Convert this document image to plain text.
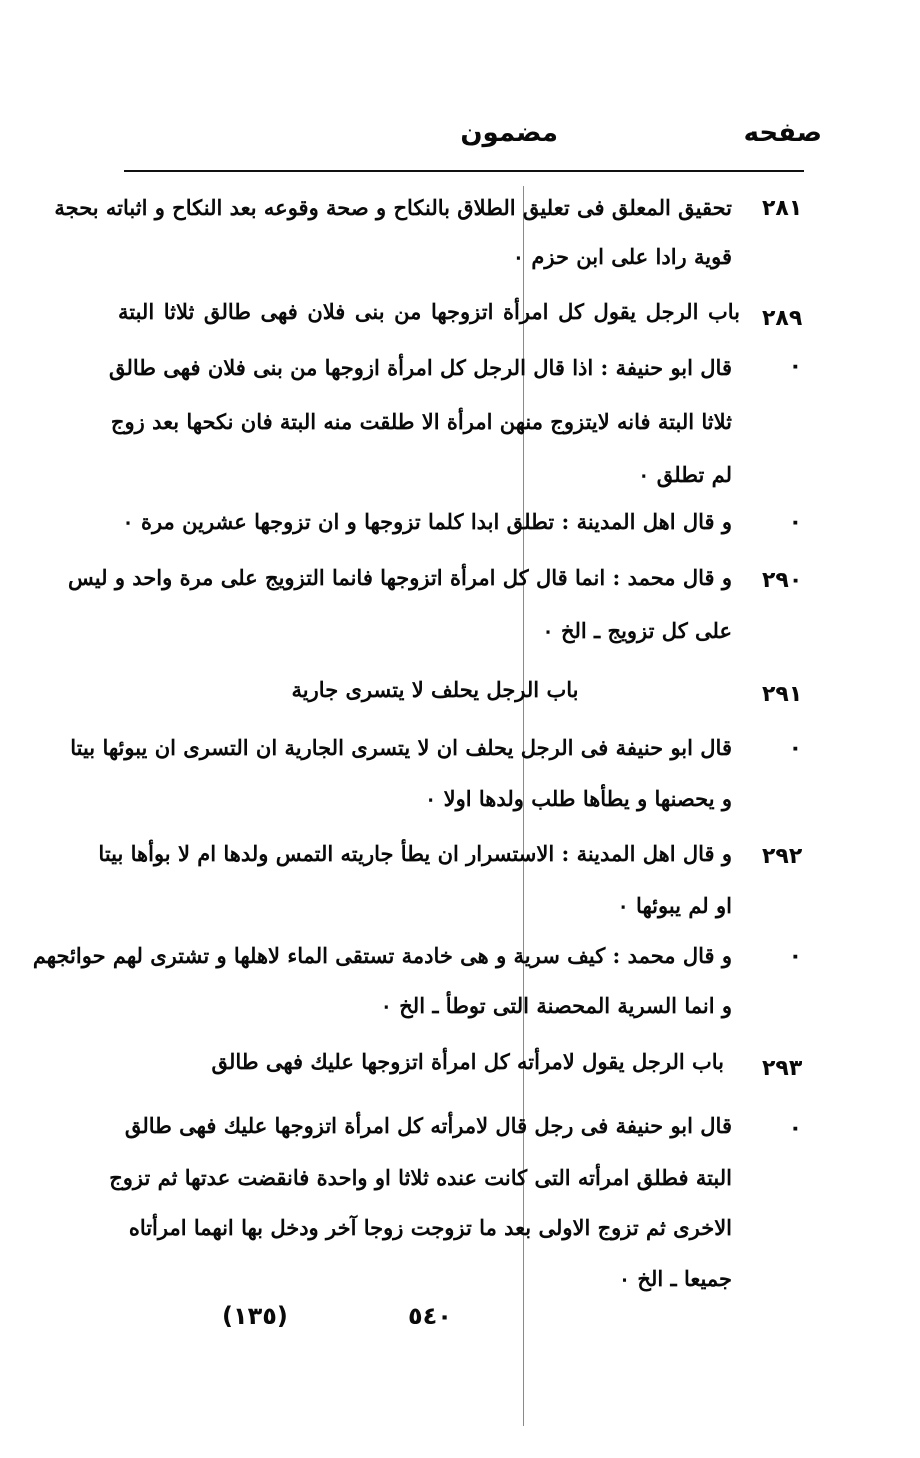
صفحه
مضمون
٢٨١
تحقيق المعلق فى تعليق الطلاق بالنكاح و صحة وقوعه بعد النكاح و اثباته بحجة
قوية رادا على ابن حزم ٠
٢٨٩
باب الرجل يقول كل امرأة اتزوجها من بنى فلان فهى طالق ثلاثا البتة
٠
قال ابو حنيفة : اذا قال الرجل كل امرأة ازوجها من بنى فلان فهى طالق
ثلاثا البتة فانه لايتزوج منهن امرأة الا طلقت منه البتة فان نكحها بعد زوج
لم تطلق ٠
٠
و قال اهل المدينة : تطلق ابدا كلما تزوجها و ان تزوجها عشرين مرة ٠
٢٩٠
و قال محمد : انما قال كل امرأة اتزوجها فانما التزويج على مرة واحد و ليس
على كل تزويج ـ الخ ٠
٢٩١
باب الرجل يحلف لا يتسرى جارية
٠
قال ابو حنيفة فى الرجل يحلف ان لا يتسرى الجارية ان التسرى ان يبوئها بيتا
و يحصنها و يطأها طلب ولدها اولا ٠
٢٩٢
و قال اهل المدينة : الاستسرار ان يطأ جاريته التمس ولدها ام لا بوأها بيتا
او لم يبوئها ٠
٠
و قال محمد : كيف سرية و هى خادمة تستقى الماء لاهلها و تشترى لهم حوائجهم
و انما السرية المحصنة التى توطأ ـ الخ ٠
٢٩٣
باب الرجل يقول لامرأته كل امرأة اتزوجها عليك فهى طالق
٠
قال ابو حنيفة فى رجل قال لامرأته كل امرأة اتزوجها عليك فهى طالق
البتة فطلق امرأته التى كانت عنده ثلاثا او واحدة فانقضت عدتها ثم تزوج
الاخرى ثم تزوج الاولى بعد ما تزوجت زوجا آخر ودخل بها انهما امرأتاه
جميعا ـ الخ ٠
٥٤٠
(١٣٥)
